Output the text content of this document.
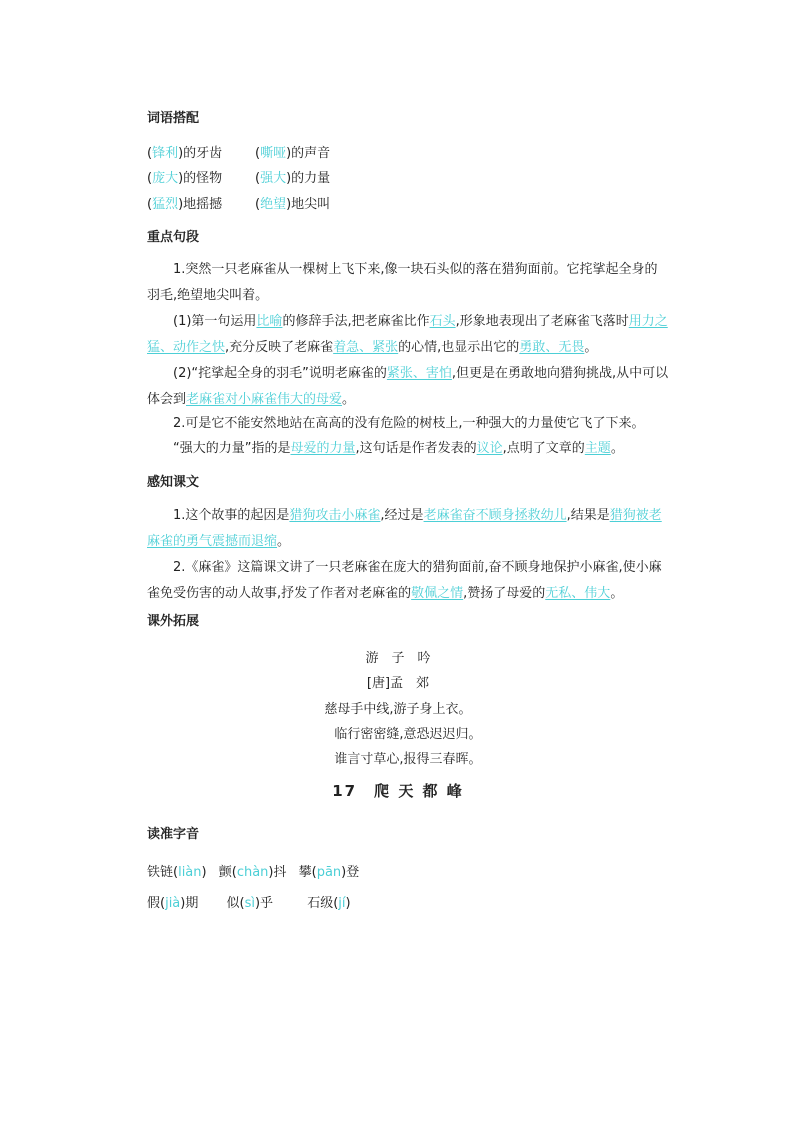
词语搭配
(锋利)的牙齿	(嘶哑)的声音
(庞大)的怪物	(强大)的力量
(猛烈)地摇撼	(绝望)地尖叫
重点句段
1.突然一只老麻雀从一棵树上飞下来,像一块石头似的落在猎狗面前。它挓挲起全身的羽毛,绝望地尖叫着。
(1)第一句运用比喻的修辞手法,把老麻雀比作石头,形象地表现出了老麻雀飞落时用力之猛、动作之快,充分反映了老麻雀着急、紧张的心情,也显示出它的勇敢、无畏。
(2)“挓挲起全身的羽毛”说明老麻雀的紧张、害怕,但更是在勇敢地向猎狗挑战,从中可以体会到老麻雀对小麻雀伟大的母爱。
2.可是它不能安然地站在高高的没有危险的树枝上,一种强大的力量使它飞了下来。
“强大的力量”指的是母爱的力量,这句话是作者发表的议论,点明了文章的主题。
感知课文
1.这个故事的起因是猎狗攻击小麻雀,经过是老麻雀奋不顾身拯救幼儿,结果是猎狗被老麻雀的勇气震撼而退缩。
2.《麻雀》这篇课文讲了一只老麻雀在庞大的猎狗面前,奋不顾身地保护小麻雀,使小麻雀免受伤害的动人故事,抒发了作者对老麻雀的敬佩之情,赞扬了母爱的无私、伟大。
课外拓展
游　子　吟
[唐]孟　郊
慈母手中线,游子身上衣。
临行密密缝,意恐迟迟归。
谁言寸草心,报得三春晖。
17　爬 天 都 峰
读准字音
铁链(liàn) 颤(chàn)抖 攀(pān)登
假(jià)期 似(sì)乎	石级(jí)
